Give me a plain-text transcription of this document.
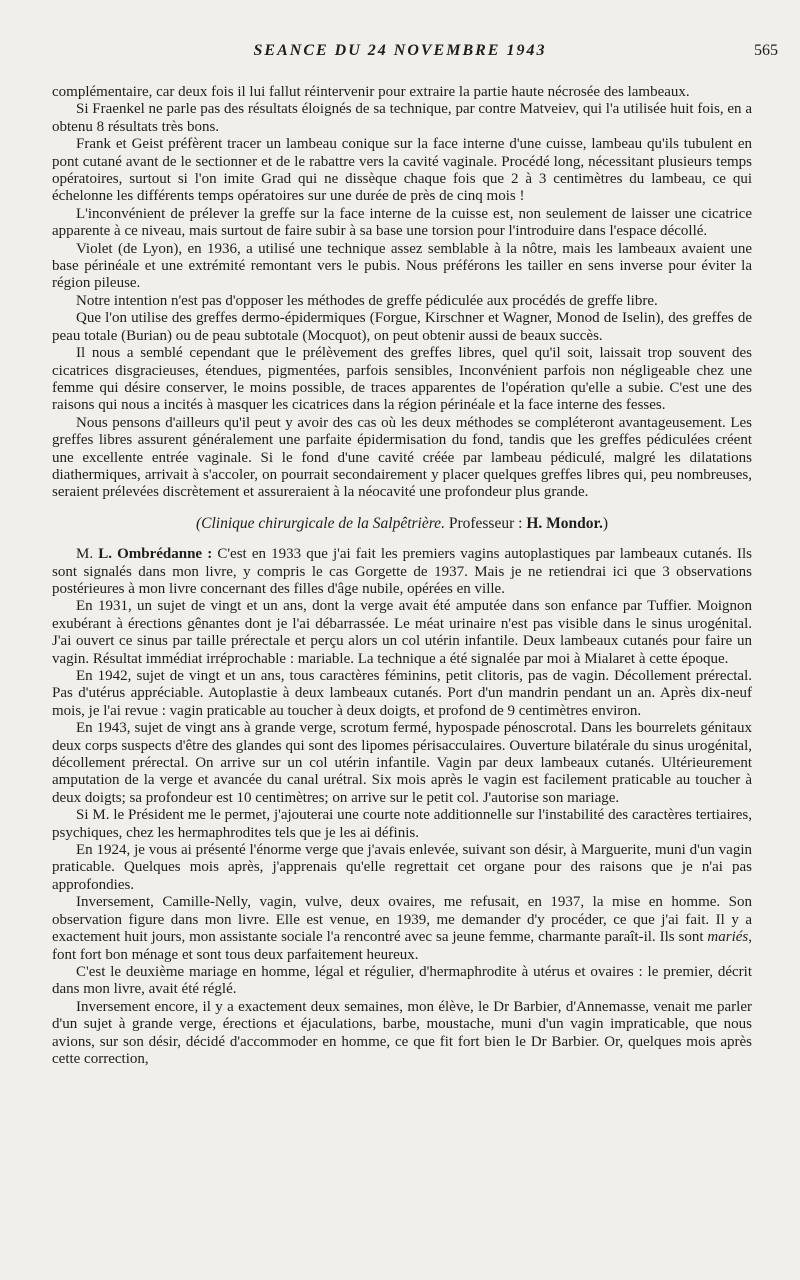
SEANCE DU 24 NOVEMBRE 1943	565

complémentaire, car deux fois il lui fallut réintervenir pour extraire la partie haute nécrosée des lambeaux.

Si Fraenkel ne parle pas des résultats éloignés de sa technique, par contre Matveiev, qui l'a utilisée huit fois, en a obtenu 8 résultats très bons.

Frank et Geist préfèrent tracer un lambeau conique sur la face interne d'une cuisse, lambeau qu'ils tubulent en pont cutané avant de le sectionner et de le rabattre vers la cavité vaginale. Procédé long, nécessitant plusieurs temps opératoires, surtout si l'on imite Grad qui ne dissèque chaque fois que 2 à 3 centimètres du lambeau, ce qui échelonne les différents temps opératoires sur une durée de près de cinq mois !

L'inconvénient de prélever la greffe sur la face interne de la cuisse est, non seulement de laisser une cicatrice apparente à ce niveau, mais surtout de faire subir à sa base une torsion pour l'introduire dans l'espace décollé.

Violet (de Lyon), en 1936, a utilisé une technique assez semblable à la nôtre, mais les lambeaux avaient une base périnéale et une extrémité remontant vers le pubis. Nous préférons les tailler en sens inverse pour éviter la région pileuse.

Notre intention n'est pas d'opposer les méthodes de greffe pédiculée aux procédés de greffe libre.

Que l'on utilise des greffes dermo-épidermiques (Forgue, Kirschner et Wagner, Monod de Iselin), des greffes de peau totale (Burian) ou de peau subtotale (Mocquot), on peut obtenir aussi de beaux succès.

Il nous a semblé cependant que le prélèvement des greffes libres, quel qu'il soit, laissait trop souvent des cicatrices disgracieuses, étendues, pigmentées, parfois sensibles, Inconvénient parfois non négligeable chez une femme qui désire conserver, le moins possible, de traces apparentes de l'opération qu'elle a subie. C'est une des raisons qui nous a incités à masquer les cicatrices dans la région périnéale et la face interne des fesses.

Nous pensons d'ailleurs qu'il peut y avoir des cas où les deux méthodes se compléteront avantageusement. Les greffes libres assurent généralement une parfaite épidermisation du fond, tandis que les greffes pédiculées créent une excellente entrée vaginale. Si le fond d'une cavité créée par lambeau pédiculé, malgré les dilatations diathermiques, arrivait à s'accoler, on pourrait secondairement y placer quelques greffes libres qui, peu nombreuses, seraient prélevées discrètement et assureraient à la néocavité une profondeur plus grande.

(Clinique chirurgicale de la Salpêtrière. Professeur : H. Mondor.)

M. L. Ombrédanne : C'est en 1933 que j'ai fait les premiers vagins autoplastiques par lambeaux cutanés. Ils sont signalés dans mon livre, y compris le cas Gorgette de 1937. Mais je ne retiendrai ici que 3 observations postérieures à mon livre concernant des filles d'âge nubile, opérées en ville.

En 1931, un sujet de vingt et un ans, dont la verge avait été amputée dans son enfance par Tuffier. Moignon exubérant à érections gênantes dont je l'ai débarrassée. Le méat urinaire n'est pas visible dans le sinus urogénital. J'ai ouvert ce sinus par taille prérectale et perçu alors un col utérin infantile. Deux lambeaux cutanés pour faire un vagin. Résultat immédiat irréprochable : mariable. La technique a été signalée par moi à Mialaret à cette époque.

En 1942, sujet de vingt et un ans, tous caractères féminins, petit clitoris, pas de vagin. Décollement prérectal. Pas d'utérus appréciable. Autoplastie à deux lambeaux cutanés. Port d'un mandrin pendant un an. Après dix-neuf mois, je l'ai revue : vagin praticable au toucher à deux doigts, et profond de 9 centimètres environ.

En 1943, sujet de vingt ans à grande verge, scrotum fermé, hypospade pénoscrotal. Dans les bourrelets génitaux deux corps suspects d'être des glandes qui sont des lipomes périsacculaires. Ouverture bilatérale du sinus urogénital, décollement prérectal. On arrive sur un col utérin infantile. Vagin par deux lambeaux cutanés. Ultérieurement amputation de la verge et avancée du canal urétral. Six mois après le vagin est facilement praticable au toucher à deux doigts; sa profondeur est 10 centimètres; on arrive sur le petit col. J'autorise son mariage.

Si M. le Président me le permet, j'ajouterai une courte note additionnelle sur l'instabilité des caractères tertiaires, psychiques, chez les hermaphrodites tels que je les ai définis.

En 1924, je vous ai présenté l'énorme verge que j'avais enlevée, suivant son désir, à Marguerite, muni d'un vagin praticable. Quelques mois après, j'apprenais qu'elle regrettait cet organe pour des raisons que je n'ai pas approfondies.

Inversement, Camille-Nelly, vagin, vulve, deux ovaires, me refusait, en 1937, la mise en homme. Son observation figure dans mon livre. Elle est venue, en 1939, me demander d'y procéder, ce que j'ai fait. Il y a exactement huit jours, mon assistante sociale l'a rencontré avec sa jeune femme, charmante paraît-il. Ils sont mariés, font fort bon ménage et sont tous deux parfaitement heureux.

C'est le deuxième mariage en homme, légal et régulier, d'hermaphrodite à utérus et ovaires : le premier, décrit dans mon livre, avait été réglé.

Inversement encore, il y a exactement deux semaines, mon élève, le Dr Barbier, d'Annemasse, venait me parler d'un sujet à grande verge, érections et éjaculations, barbe, moustache, muni d'un vagin impraticable, que nous avions, sur son désir, décidé d'accommoder en homme, ce que fit fort bien le Dr Barbier. Or, quelques mois après cette correction,
